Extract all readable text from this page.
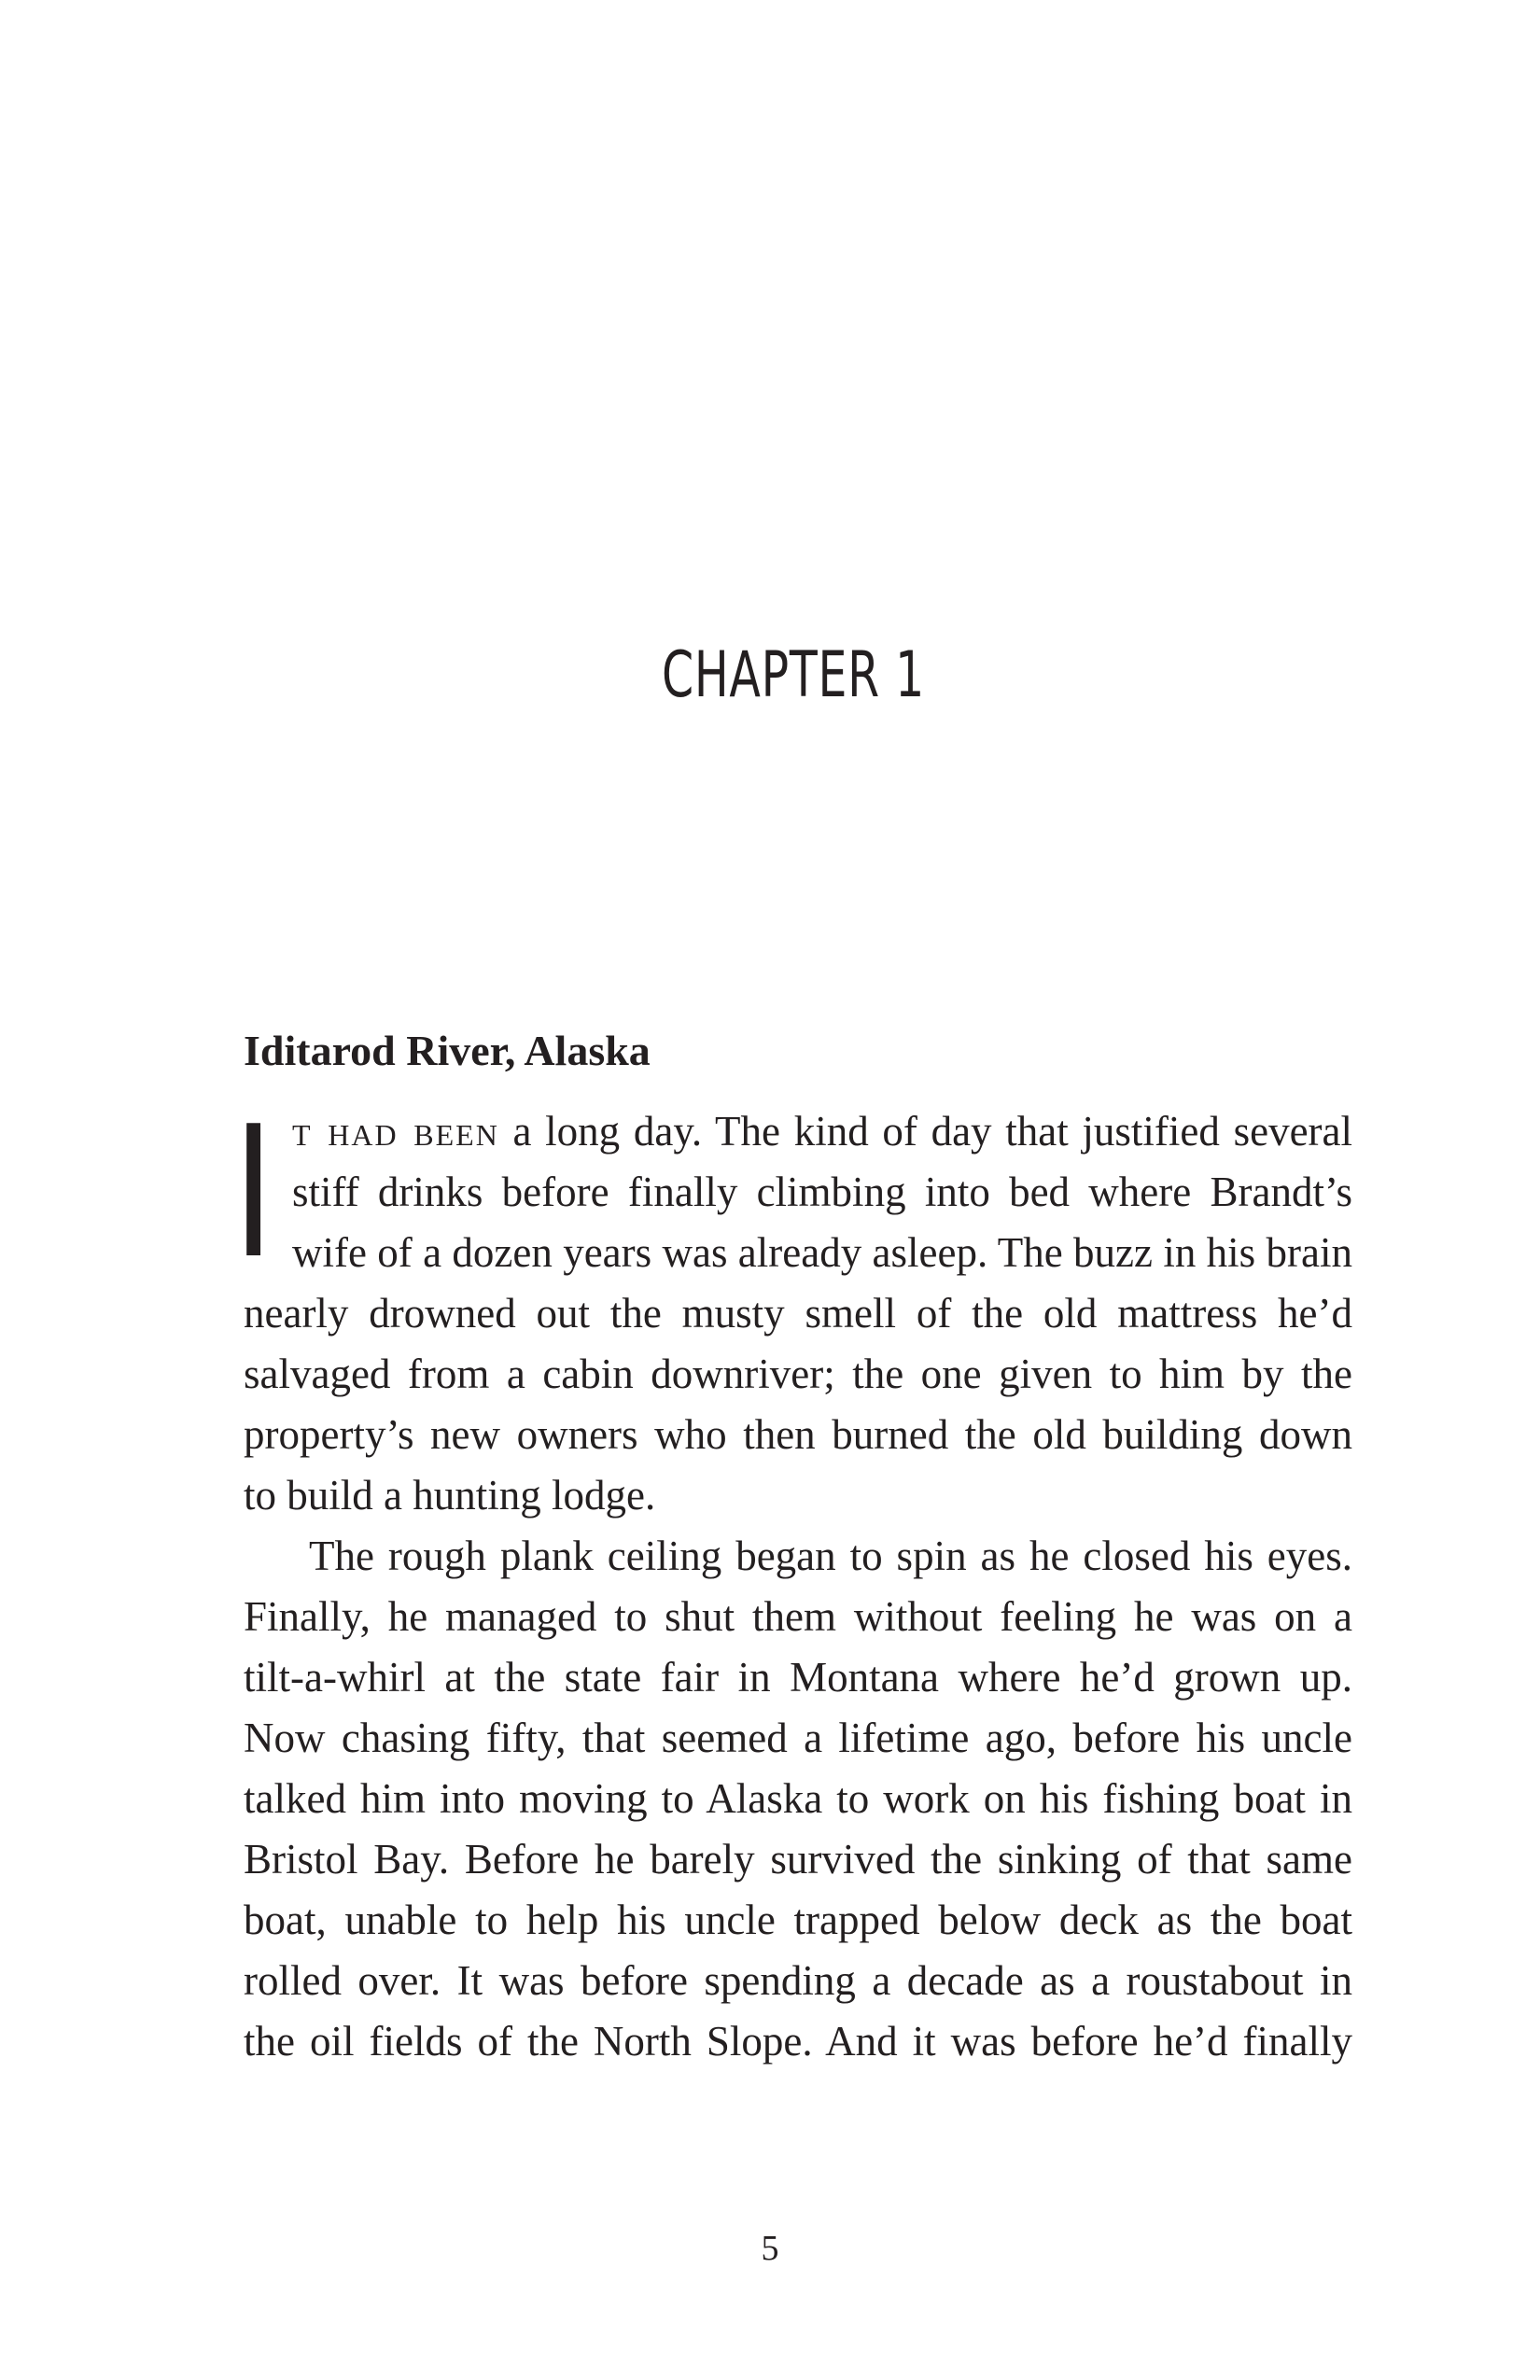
CHAPTER 1
Iditarod River, Alaska
I t had been a long day. The kind of day that justified several
stiff drinks before finally climbing into bed where Brandt’s
wife of a dozen years was already asleep. The buzz in his brain
nearly drowned out the musty smell of the old mattress he’d
salvaged from a cabin downriver; the one given to him by the
property’s new owners who then burned the old building down
to build a hunting lodge.
The rough plank ceiling began to spin as he closed his eyes.
Finally, he managed to shut them without feeling he was on a
tilt-a-whirl at the state fair in Montana where he’d grown up.
Now chasing fifty, that seemed a lifetime ago, before his uncle
talked him into moving to Alaska to work on his fishing boat in
Bristol Bay. Before he barely survived the sinking of that same
boat, unable to help his uncle trapped below deck as the boat
rolled over. It was before spending a decade as a roustabout in
the oil fields of the North Slope. And it was before he’d finally
5
